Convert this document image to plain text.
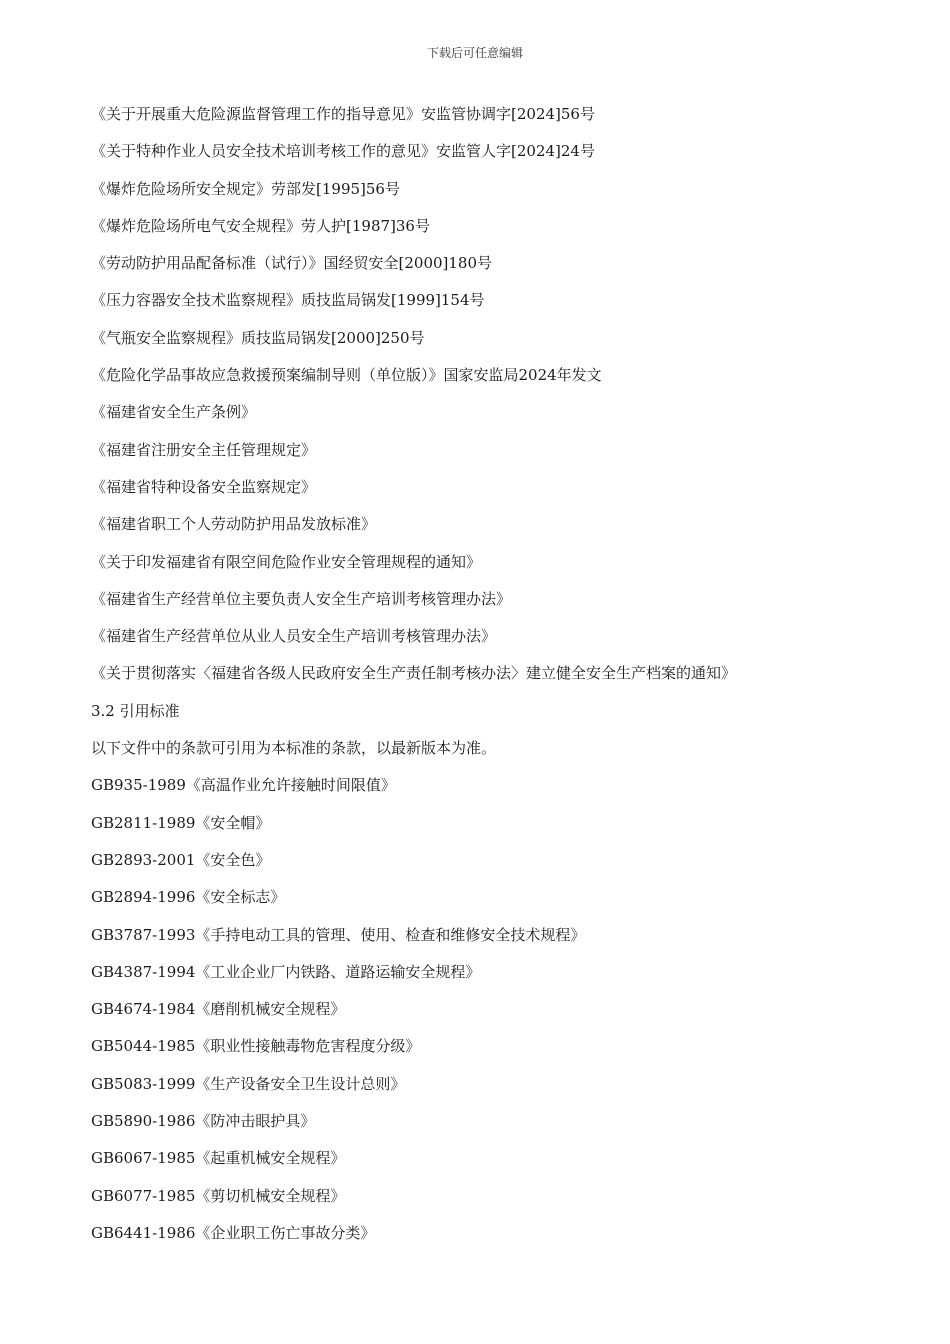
下载后可任意编辑
《关于开展重大危险源监督管理工作的指导意见》安监管协调字[2024]56号
《关于特种作业人员安全技术培训考核工作的意见》安监管人字[2024]24号
《爆炸危险场所安全规定》劳部发[1995]56号
《爆炸危险场所电气安全规程》劳人护[1987]36号
《劳动防护用品配备标准（试行）》国经贸安全[2000]180号
《压力容器安全技术监察规程》质技监局锅发[1999]154号
《气瓶安全监察规程》质技监局锅发[2000]250号
《危险化学品事故应急救援预案编制导则（单位版）》国家安监局2024年发文
《福建省安全生产条例》
《福建省注册安全主任管理规定》
《福建省特种设备安全监察规定》
《福建省职工个人劳动防护用品发放标准》
《关于印发福建省有限空间危险作业安全管理规程的通知》
《福建省生产经营单位主要负责人安全生产培训考核管理办法》
《福建省生产经营单位从业人员安全生产培训考核管理办法》
《关于贯彻落实〈福建省各级人民政府安全生产责任制考核办法〉建立健全安全生产档案的通知》
3.2 引用标准
以下文件中的条款可引用为本标准的条款，以最新版本为准。
GB935-1989《高温作业允许接触时间限值》
GB2811-1989《安全帽》
GB2893-2001《安全色》
GB2894-1996《安全标志》
GB3787-1993《手持电动工具的管理、使用、检查和维修安全技术规程》
GB4387-1994《工业企业厂内铁路、道路运输安全规程》
GB4674-1984《磨削机械安全规程》
GB5044-1985《职业性接触毒物危害程度分级》
GB5083-1999《生产设备安全卫生设计总则》
GB5890-1986《防冲击眼护具》
GB6067-1985《起重机械安全规程》
GB6077-1985《剪切机械安全规程》
GB6441-1986《企业职工伤亡事故分类》
